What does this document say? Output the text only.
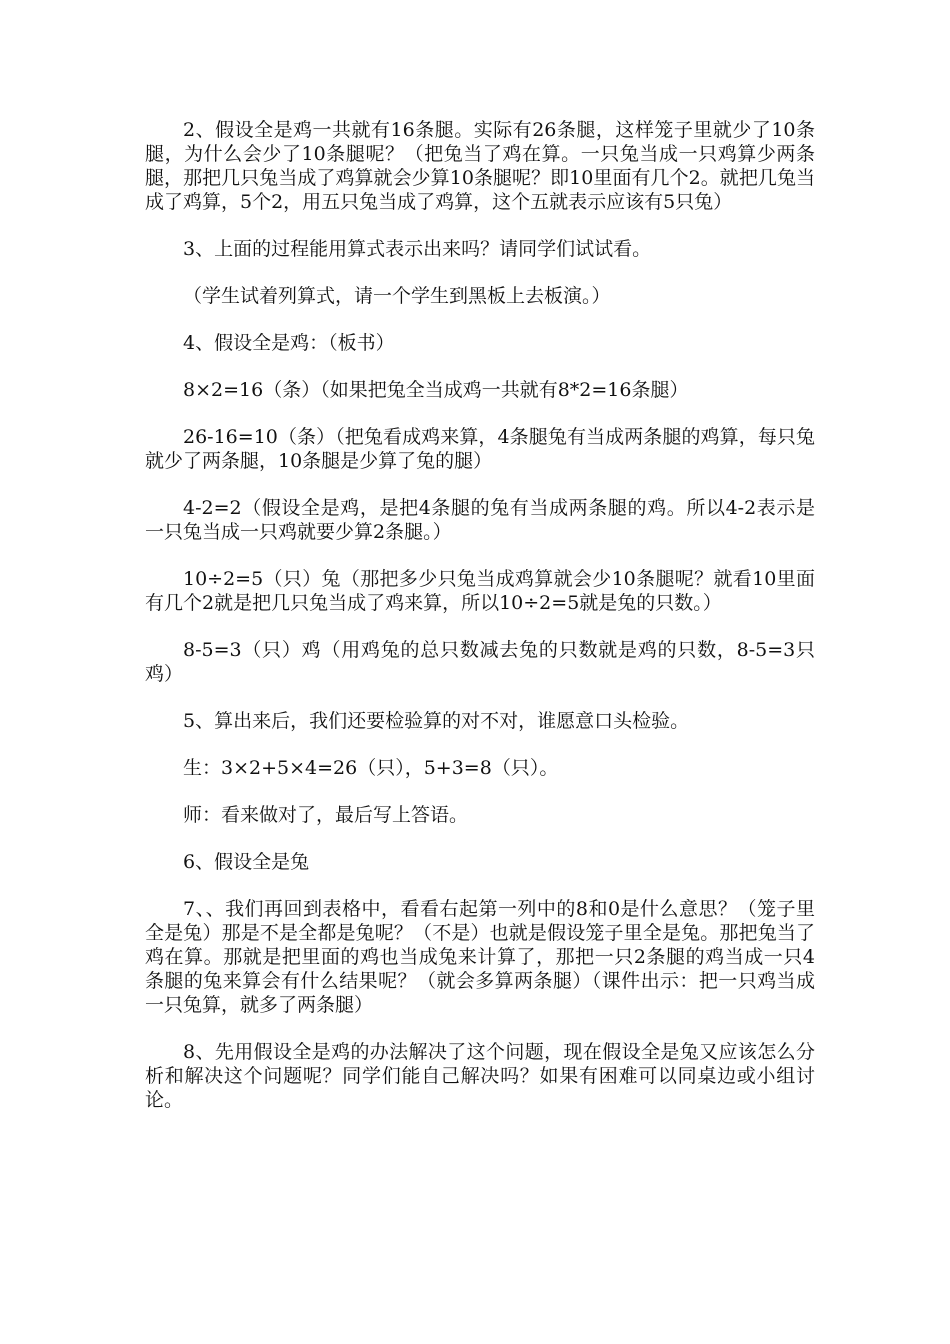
2、假设全是鸡一共就有16条腿。实际有26条腿，这样笼子里就少了10条腿，为什么会少了10条腿呢？（把兔当了鸡在算。一只兔当成一只鸡算少两条腿，那把几只兔当成了鸡算就会少算10条腿呢？即10里面有几个2。就把几兔当成了鸡算，5个2，用五只兔当成了鸡算，这个五就表示应该有5只兔）

3、上面的过程能用算式表示出来吗？请同学们试试看。

（学生试着列算式，请一个学生到黑板上去板演。）

4、假设全是鸡：（板书）

8×2=16（条）（如果把兔全当成鸡一共就有8*2=16条腿）

26-16=10（条）（把兔看成鸡来算，4条腿兔有当成两条腿的鸡算，每只兔就少了两条腿，10条腿是少算了兔的腿）

4-2=2（假设全是鸡，是把4条腿的兔有当成两条腿的鸡。所以4-2表示是一只兔当成一只鸡就要少算2条腿。）

10÷2=5（只）兔（那把多少只兔当成鸡算就会少10条腿呢？就看10里面有几个2就是把几只兔当成了鸡来算，所以10÷2=5就是兔的只数。）

8-5=3（只）鸡（用鸡兔的总只数减去兔的只数就是鸡的只数，8-5=3只鸡）

5、算出来后，我们还要检验算的对不对，谁愿意口头检验。

生：3×2+5×4=26（只），5+3=8（只）。

师：看来做对了，最后写上答语。

6、假设全是兔

7、、我们再回到表格中，看看右起第一列中的8和0是什么意思？（笼子里全是兔）那是不是全都是兔呢？（不是）也就是假设笼子里全是兔。那把兔当了鸡在算。那就是把里面的鸡也当成兔来计算了，那把一只2条腿的鸡当成一只4条腿的兔来算会有什么结果呢？（就会多算两条腿）（课件出示：把一只鸡当成一只兔算，就多了两条腿）

8、先用假设全是鸡的办法解决了这个问题，现在假设全是兔又应该怎么分析和解决这个问题呢？同学们能自己解决吗？如果有困难可以同桌边或小组讨论。
